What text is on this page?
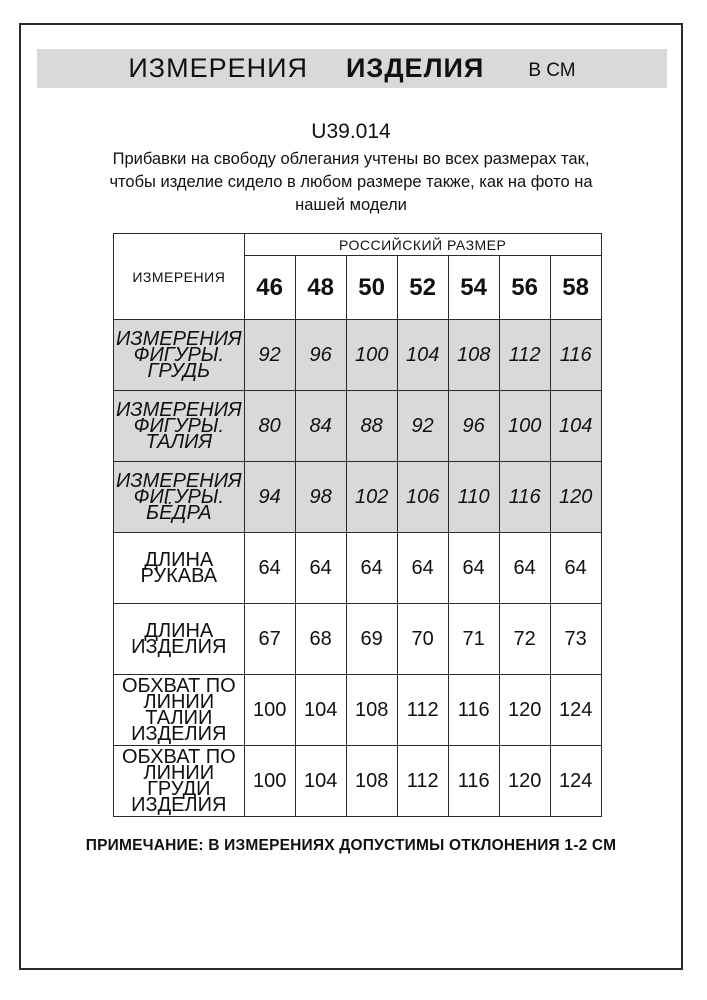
ИЗМЕРЕНИЯ ИЗДЕЛИЯ В СМ
U39.014
Прибавки на свободу облегания учтены во всех размерах так,
чтобы изделие сидело в любом размере также, как на фото на
нашей модели
ИЗМЕРЕНИЯ	РОССИЙСКИЙ РАЗМЕР						
	46	48	50	52	54	56	58
ИЗМЕРЕНИЯ ФИГУРЫ. ГРУДЬ	92	96	100	104	108	112	116
ИЗМЕРЕНИЯ ФИГУРЫ. ТАЛИЯ	80	84	88	92	96	100	104
ИЗМЕРЕНИЯ ФИГУРЫ. БЁДРА	94	98	102	106	110	116	120
ДЛИНА РУКАВА	64	64	64	64	64	64	64
ДЛИНА ИЗДЕЛИЯ	67	68	69	70	71	72	73
ОБХВАТ ПО ЛИНИИ ТАЛИИ ИЗДЕЛИЯ	100	104	108	112	116	120	124
ОБХВАТ ПО ЛИНИИ ГРУДИ ИЗДЕЛИЯ	100	104	108	112	116	120	124
ПРИМЕЧАНИЕ: В ИЗМЕРЕНИЯХ ДОПУСТИМЫ ОТКЛОНЕНИЯ 1-2 СМ
